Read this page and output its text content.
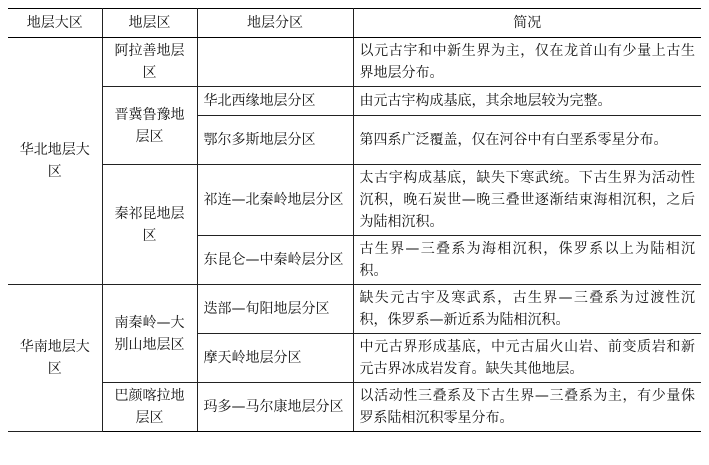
地层大区	地层区	地层分区	简况
华北地层大区	阿拉善地层区		以元古宇和中新生界为主，仅在龙首山有少量上古生界地层分布。
	晋冀鲁豫地层区	华北西缘地层分区	由元古宇构成基底，其余地层较为完整。
		鄂尔多斯地层分区	第四系广泛覆盖，仅在河谷中有白垩系零星分布。
	秦祁昆地层区	祁连—北秦岭地层分区	太古宇构成基底，缺失下寒武统。下古生界为活动性沉积，晚石炭世—晚三叠世逐渐结束海相沉积，之后为陆相沉积。
		东昆仑—中秦岭层分区	古生界—三叠系为海相沉积，侏罗系以上为陆相沉积。
华南地层大区	南秦岭—大别山地层区	迭部—旬阳地层分区	缺失元古宇及寒武系，古生界—三叠系为过渡性沉积，侏罗系—新近系为陆相沉积。
		摩天岭地层分区	中元古界形成基底，中元古届火山岩、前变质岩和新元古界冰成岩发育。缺失其他地层。
	巴颜喀拉地层区	玛多—马尔康地层分区	以活动性三叠系及下古生界—三叠系为主，有少量侏罗系陆相沉积零星分布。
